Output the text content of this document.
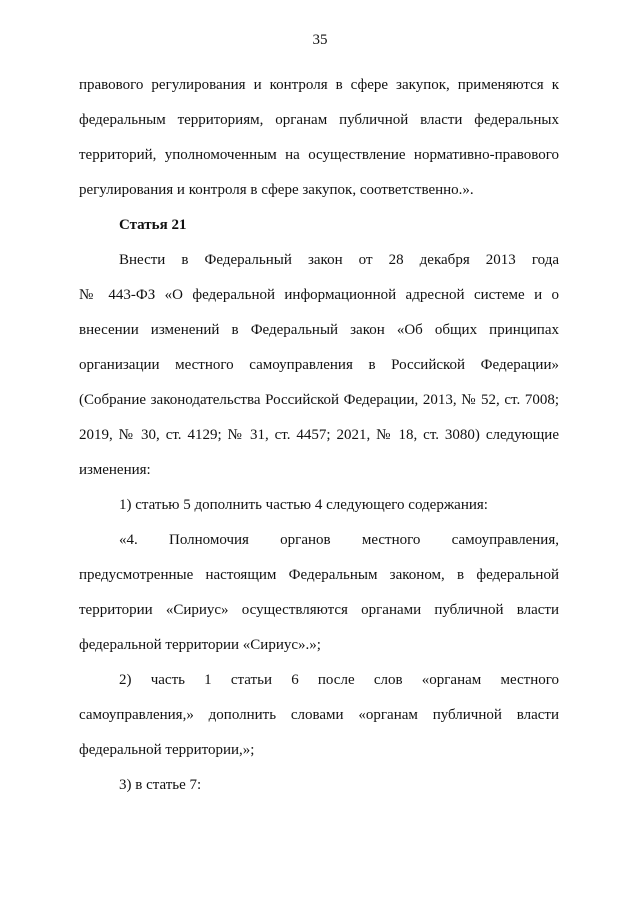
35
правового регулирования и контроля в сфере закупок, применяются к
федеральным территориям, органам публичной власти федеральных
территорий, уполномоченным на осуществление нормативно-правового
регулирования и контроля в сфере закупок, соответственно.».
Статья 21
Внести в Федеральный закон от 28 декабря 2013 года
№ 443-ФЗ «О федеральной информационной адресной системе и о
внесении изменений в Федеральный закон «Об общих принципах
организации местного самоуправления в Российской Федерации»
(Собрание законодательства Российской Федерации, 2013, № 52, ст. 7008;
2019, № 30, ст. 4129; № 31, ст. 4457; 2021, № 18, ст. 3080) следующие
изменения:
1) статью 5 дополнить частью 4 следующего содержания:
«4. Полномочия органов местного самоуправления,
предусмотренные настоящим Федеральным законом, в федеральной
территории «Сириус» осуществляются органами публичной власти
федеральной территории «Сириус».»;
2) часть 1 статьи 6 после слов «органам местного
самоуправления,» дополнить словами «органам публичной власти
федеральной территории,»;
3) в статье 7:
